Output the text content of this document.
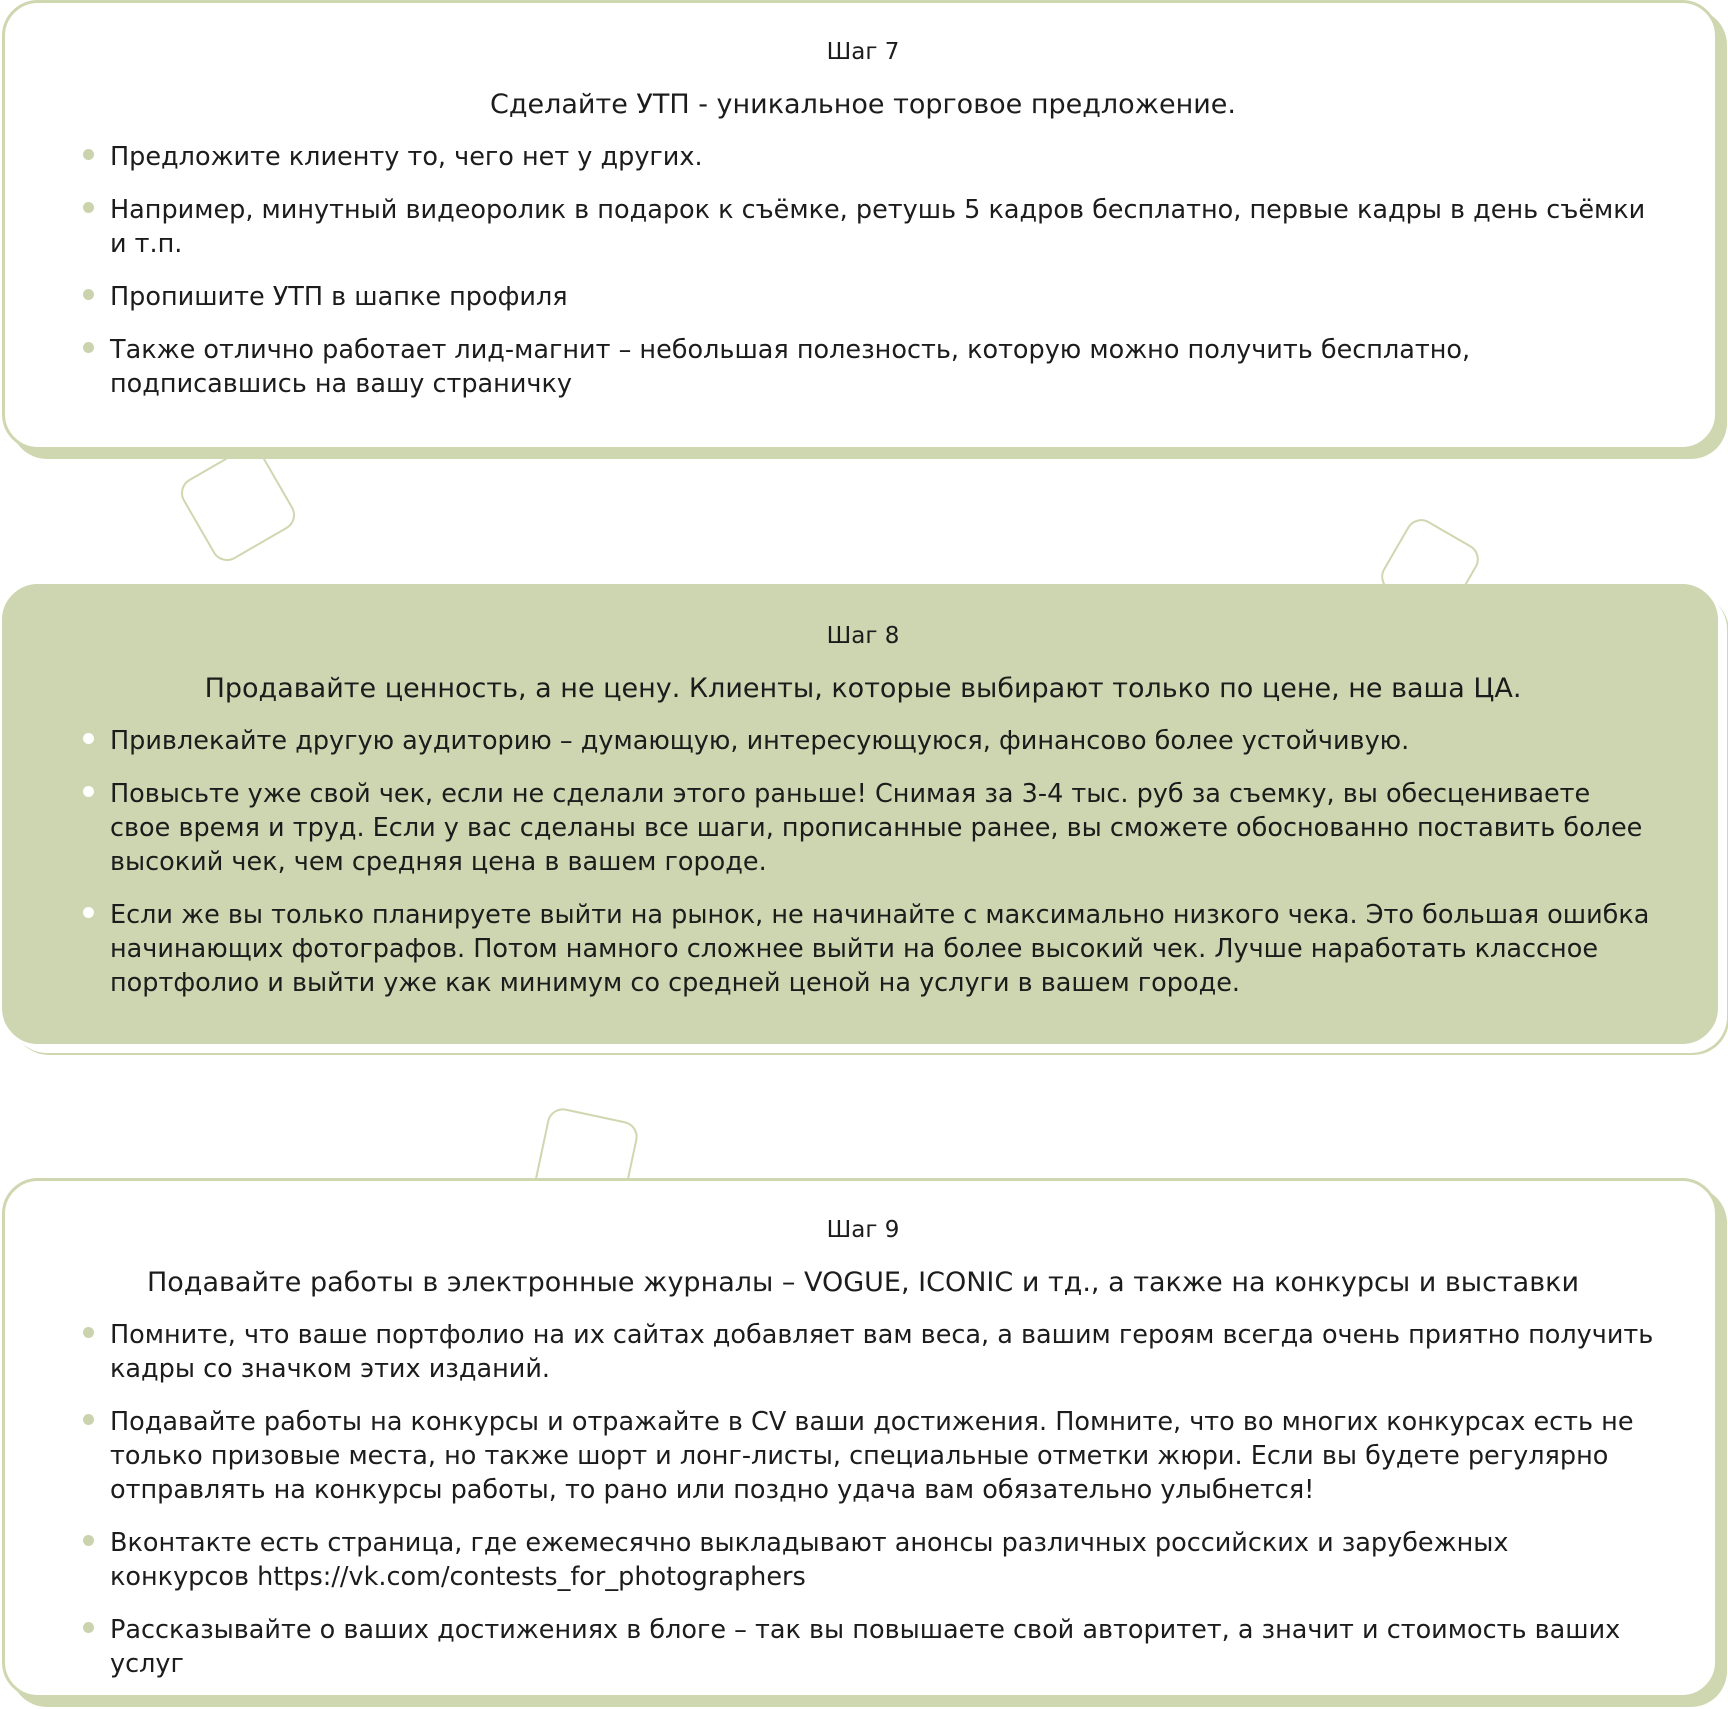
Шаг 7

Сделайте УТП - уникальное торговое предложение.
Предложите клиенту то, чего нет у других.
Например, минутный видеоролик в подарок к съёмке, ретушь 5 кадров бесплатно, первые кадры в день съёмки и т.п.
Пропишите УТП в шапке профиля
Также отлично работает лид-магнит – небольшая полезность, которую можно получить бесплатно, подписавшись на вашу страничку

Шаг 8

Продавайте ценность, а не цену. Клиенты, которые выбирают только по цене, не ваша ЦА.
Привлекайте другую аудиторию – думающую, интересующуюся, финансово более устойчивую.
Повысьте уже свой чек, если не сделали этого раньше! Снимая за 3-4 тыс. руб за съемку, вы обесцениваете свое время и труд. Если у вас сделаны все шаги, прописанные ранее, вы сможете обоснованно поставить более высокий чек, чем средняя цена в вашем городе.
Если же вы только планируете выйти на рынок, не начинайте с максимально низкого чека. Это большая ошибка начинающих фотографов. Потом намного сложнее выйти на более высокий чек. Лучше наработать классное портфолио и выйти уже как минимум со средней ценой на услуги в вашем городе.

Шаг 9

Подавайте работы в электронные журналы – VOGUE, ICONIC и тд., а также на конкурсы и выставки
Помните, что ваше портфолио на их сайтах добавляет вам веса, а вашим героям всегда очень приятно получить кадры со значком этих изданий.
Подавайте работы на конкурсы и отражайте в CV ваши достижения. Помните, что во многих конкурсах есть не только призовые места, но также шорт и лонг-листы, специальные отметки жюри. Если вы будете регулярно отправлять на конкурсы работы, то рано или поздно удача вам обязательно улыбнется!
Вконтакте есть страница, где ежемесячно выкладывают анонсы различных российских и зарубежных конкурсов https://vk.com/contests_for_photographers
Рассказывайте о ваших достижениях в блоге – так вы повышаете свой авторитет, а значит и стоимость ваших услуг
